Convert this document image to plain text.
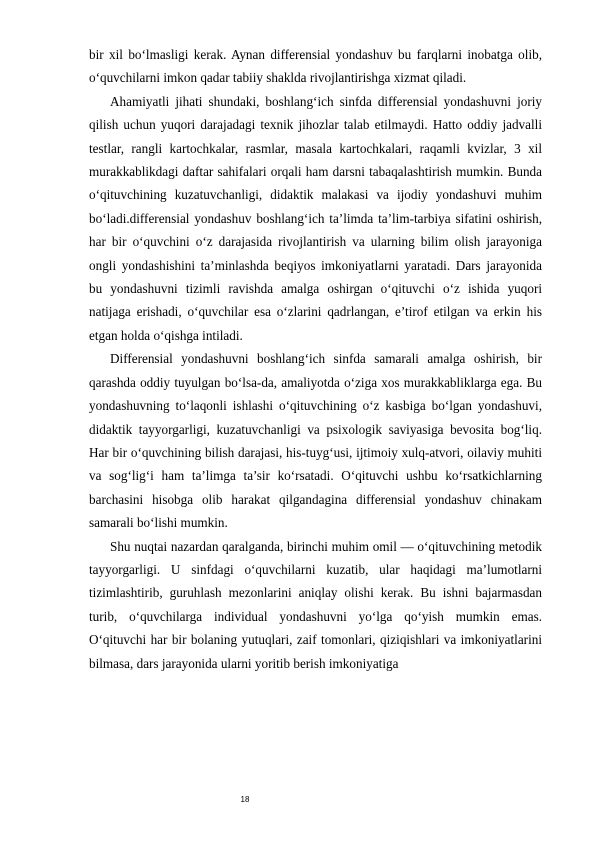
bir xil bo‘lmasligi kerak. Aynan differensial yondashuv bu farqlarni inobatga olib, o‘quvchilarni imkon qadar tabiiy shaklda rivojlantirishga xizmat qiladi.

Ahamiyatli jihati shundaki, boshlang‘ich sinfda differensial yondashuvni joriy qilish uchun yuqori darajadagi texnik jihozlar talab etilmaydi. Hatto oddiy jadvalli testlar, rangli kartochkalar, rasmlar, masala kartochkalari, raqamli kvizlar, 3 xil murakkablikdagi daftar sahifalari orqali ham darsni tabaqalashtirish mumkin. Bunda o‘qituvchining kuzatuvchanligi, didaktik malakasi va ijodiy yondashuvi muhim bo‘ladi.differensial yondashuv boshlang‘ich ta’limda ta’lim-tarbiya sifatini oshirish, har bir o‘quvchini o‘z darajasida rivojlantirish va ularning bilim olish jarayoniga ongli yondashishini ta’minlashda beqiyos imkoniyatlarni yaratadi. Dars jarayonida bu yondashuvni tizimli ravishda amalga oshirgan o‘qituvchi o‘z ishida yuqori natijaga erishadi, o‘quvchilar esa o‘zlarini qadrlangan, e’tirof etilgan va erkin his etgan holda o‘qishga intiladi.

Differensial yondashuvni boshlang‘ich sinfda samarali amalga oshirish, bir qarashda oddiy tuyulgan bo‘lsa-da, amaliyotda o‘ziga xos murakkabliklarga ega. Bu yondashuvning to‘laqonli ishlashi o‘qituvchining o‘z kasbiga bo‘lgan yondashuvi, didaktik tayyorgarligi, kuzatuvchanligi va psixologik saviyasiga bevosita bog‘liq. Har bir o‘quvchining bilish darajasi, his-tuyg‘usi, ijtimoiy xulq-atvori, oilaviy muhiti va sog‘lig‘i ham ta’limga ta’sir ko‘rsatadi. O‘qituvchi ushbu ko‘rsatkichlarning barchasini hisobga olib harakat qilgandagina differensial yondashuv chinakam samarali bo‘lishi mumkin.

Shu nuqtai nazardan qaralganda, birinchi muhim omil — o‘qituvchining metodik tayyorgarligi. U sinfdagi o‘quvchilarni kuzatib, ular haqidagi ma’lumotlarni tizimlashtirib, guruhlash mezonlarini aniqlay olishi kerak. Bu ishni bajarmasdan turib, o‘quvchilarga individual yondashuvni yo‘lga qo‘yish mumkin emas. O‘qituvchi har bir bolaning yutuqlari, zaif tomonlari, qiziqishlari va imkoniyatlarini bilmasa, dars jarayonida ularni yoritib berish imkoniyatiga

18
